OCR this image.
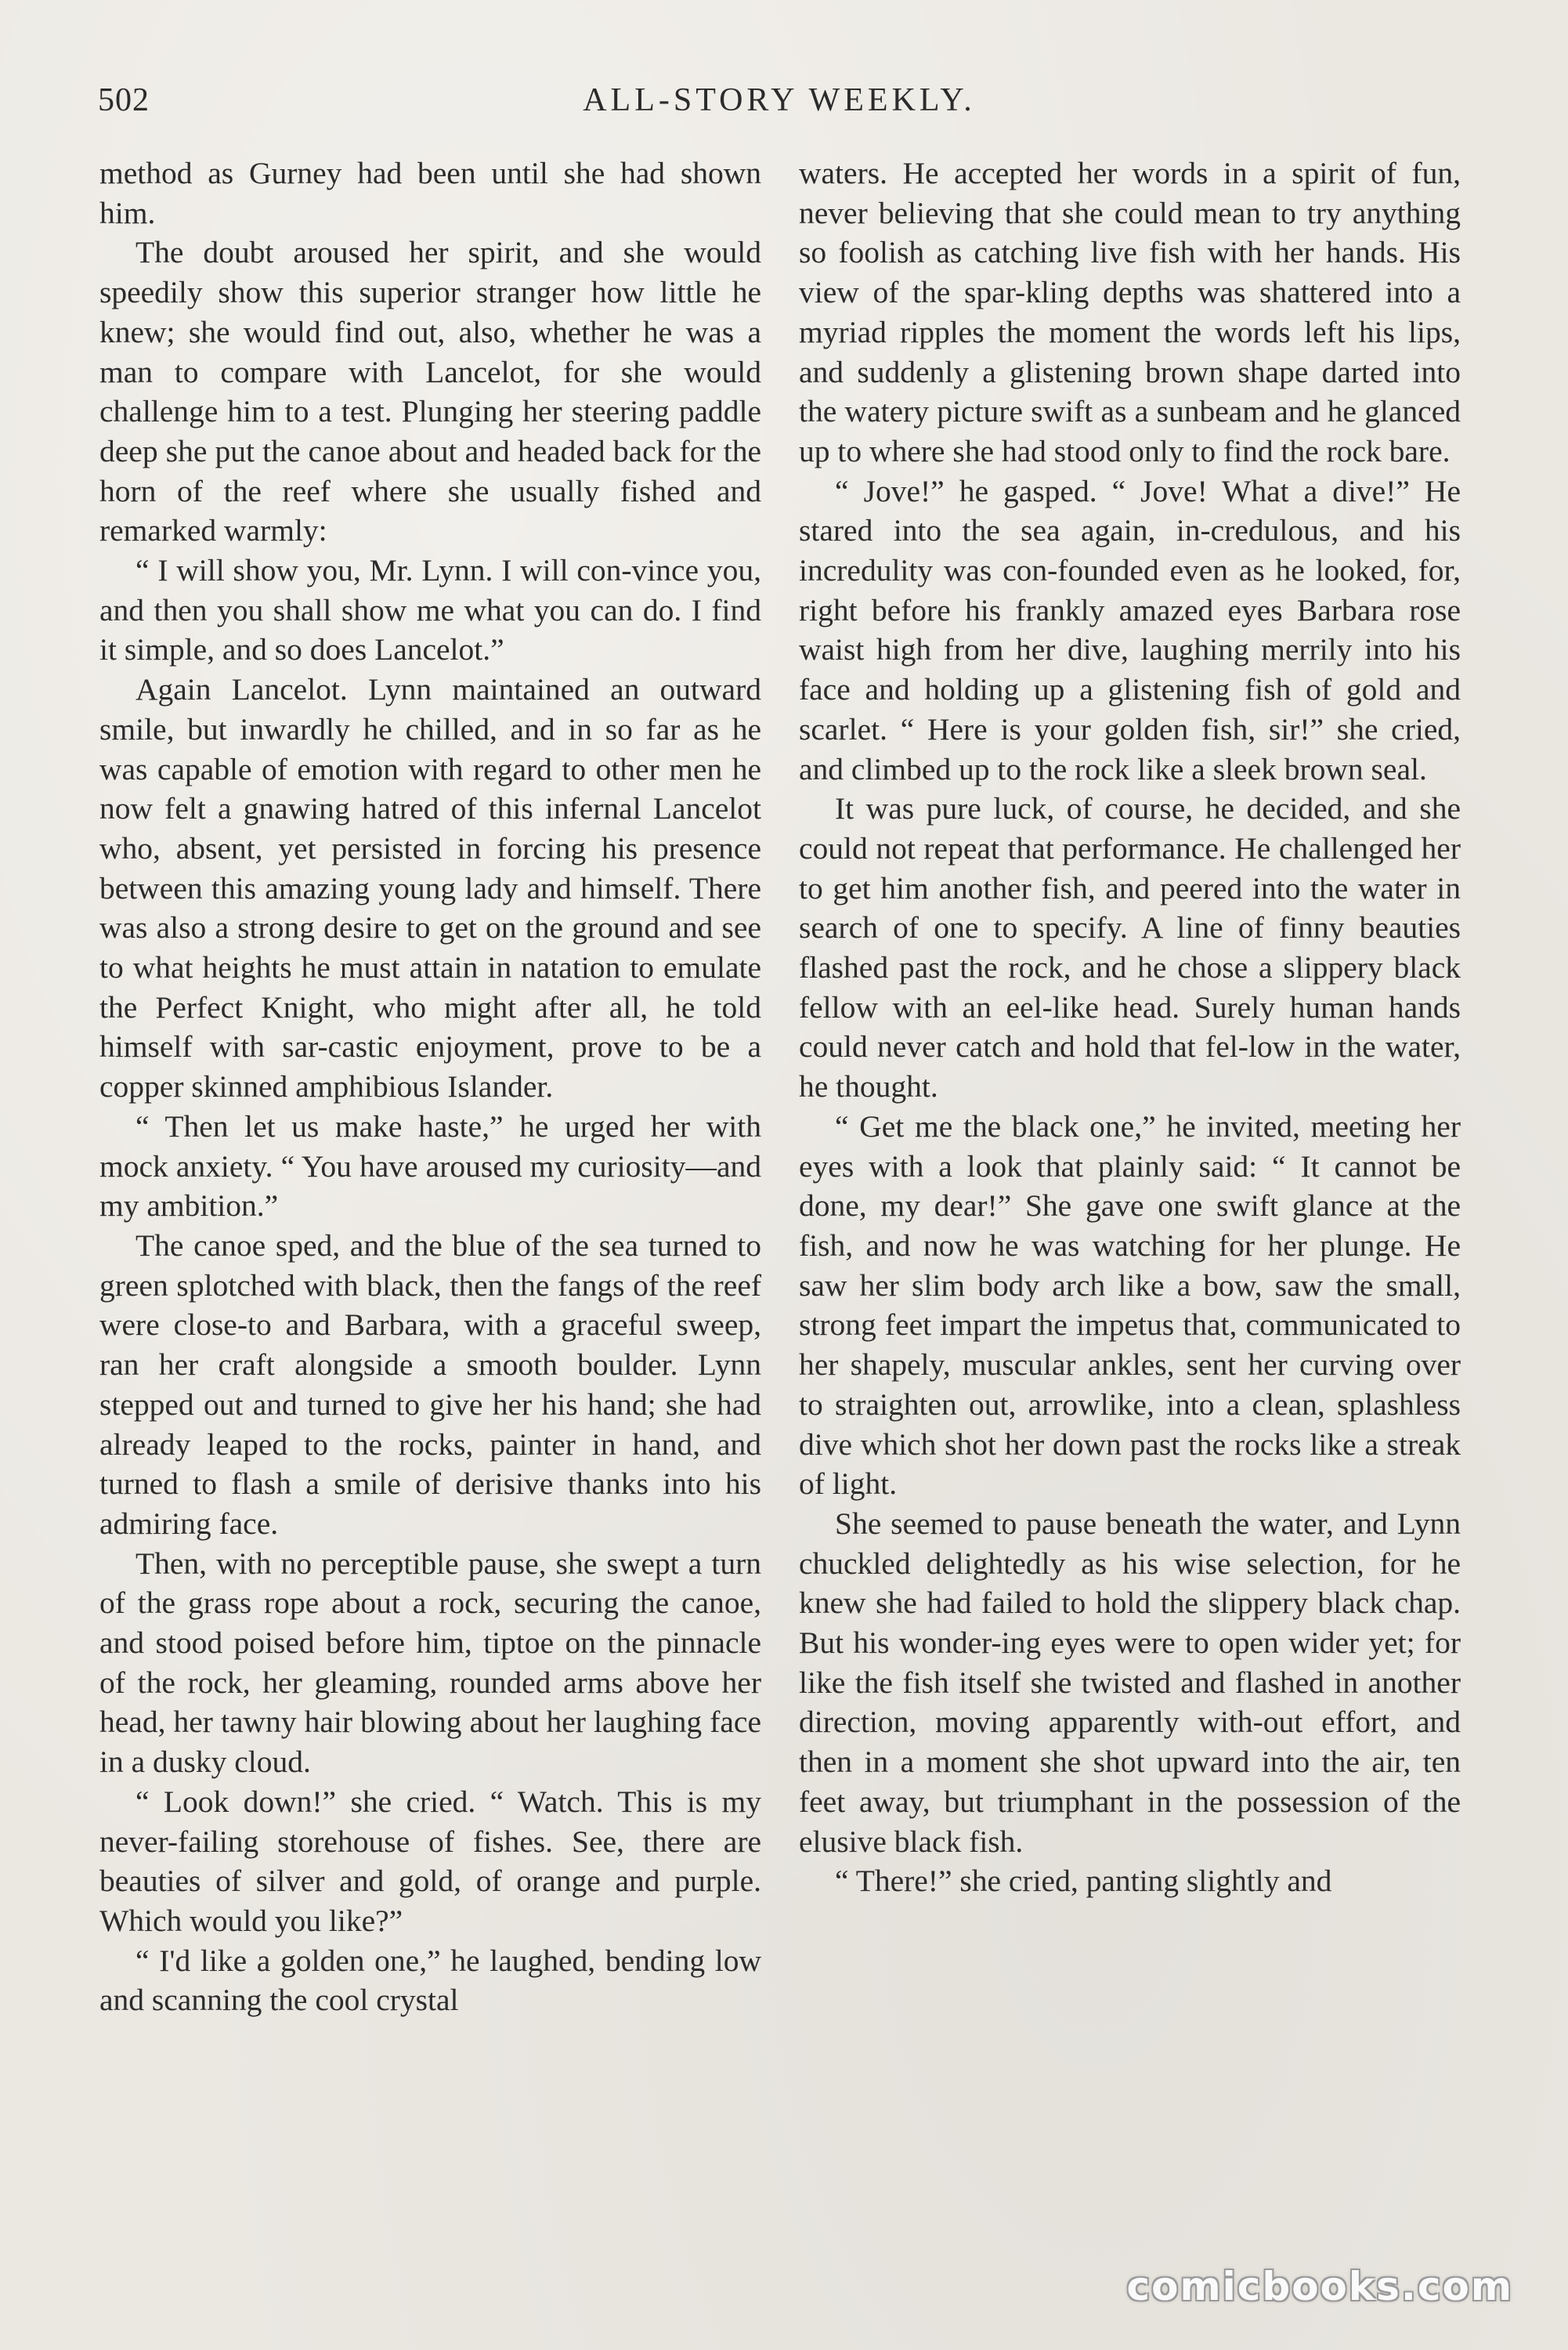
502	ALL-STORY WEEKLY.

method as Gurney had been until she had shown him.

The doubt aroused her spirit, and she would speedily show this superior stranger how little he knew; she would find out, also, whether he was a man to compare with Lancelot, for she would challenge him to a test. Plunging her steering paddle deep she put the canoe about and headed back for the horn of the reef where she usually fished and remarked warmly:

“ I will show you, Mr. Lynn. I will con-vince you, and then you shall show me what you can do. I find it simple, and so does Lancelot.”

Again Lancelot. Lynn maintained an outward smile, but inwardly he chilled, and in so far as he was capable of emotion with regard to other men he now felt a gnawing hatred of this infernal Lancelot who, absent, yet persisted in forcing his presence between this amazing young lady and himself. There was also a strong desire to get on the ground and see to what heights he must attain in natation to emulate the Perfect Knight, who might after all, he told himself with sar-castic enjoyment, prove to be a copper skinned amphibious Islander.

“ Then let us make haste,” he urged her with mock anxiety. “ You have aroused my curiosity—and my ambition.”

The canoe sped, and the blue of the sea turned to green splotched with black, then the fangs of the reef were close-to and Barbara, with a graceful sweep, ran her craft alongside a smooth boulder. Lynn stepped out and turned to give her his hand; she had already leaped to the rocks, painter in hand, and turned to flash a smile of derisive thanks into his admiring face.

Then, with no perceptible pause, she swept a turn of the grass rope about a rock, securing the canoe, and stood poised before him, tiptoe on the pinnacle of the rock, her gleaming, rounded arms above her head, her tawny hair blowing about her laughing face in a dusky cloud.

“ Look down!” she cried. “ Watch. This is my never-failing storehouse of fishes. See, there are beauties of silver and gold, of orange and purple. Which would you like?”

“ I'd like a golden one,” he laughed, bending low and scanning the cool crystal

waters. He accepted her words in a spirit of fun, never believing that she could mean to try anything so foolish as catching live fish with her hands. His view of the spar-kling depths was shattered into a myriad ripples the moment the words left his lips, and suddenly a glistening brown shape darted into the watery picture swift as a sunbeam and he glanced up to where she had stood only to find the rock bare.

“ Jove!” he gasped. “ Jove! What a dive!” He stared into the sea again, in-credulous, and his incredulity was con-founded even as he looked, for, right before his frankly amazed eyes Barbara rose waist high from her dive, laughing merrily into his face and holding up a glistening fish of gold and scarlet. “ Here is your golden fish, sir!” she cried, and climbed up to the rock like a sleek brown seal.

It was pure luck, of course, he decided, and she could not repeat that performance. He challenged her to get him another fish, and peered into the water in search of one to specify. A line of finny beauties flashed past the rock, and he chose a slippery black fellow with an eel-like head. Surely human hands could never catch and hold that fel-low in the water, he thought.

“ Get me the black one,” he invited, meeting her eyes with a look that plainly said: “ It cannot be done, my dear!” She gave one swift glance at the fish, and now he was watching for her plunge. He saw her slim body arch like a bow, saw the small, strong feet impart the impetus that, communicated to her shapely, muscular ankles, sent her curving over to straighten out, arrowlike, into a clean, splashless dive which shot her down past the rocks like a streak of light.

She seemed to pause beneath the water, and Lynn chuckled delightedly as his wise selection, for he knew she had failed to hold the slippery black chap. But his wonder-ing eyes were to open wider yet; for like the fish itself she twisted and flashed in another direction, moving apparently with-out effort, and then in a moment she shot upward into the air, ten feet away, but triumphant in the possession of the elusive black fish.

“ There!” she cried, panting slightly and

comicbooks.com
